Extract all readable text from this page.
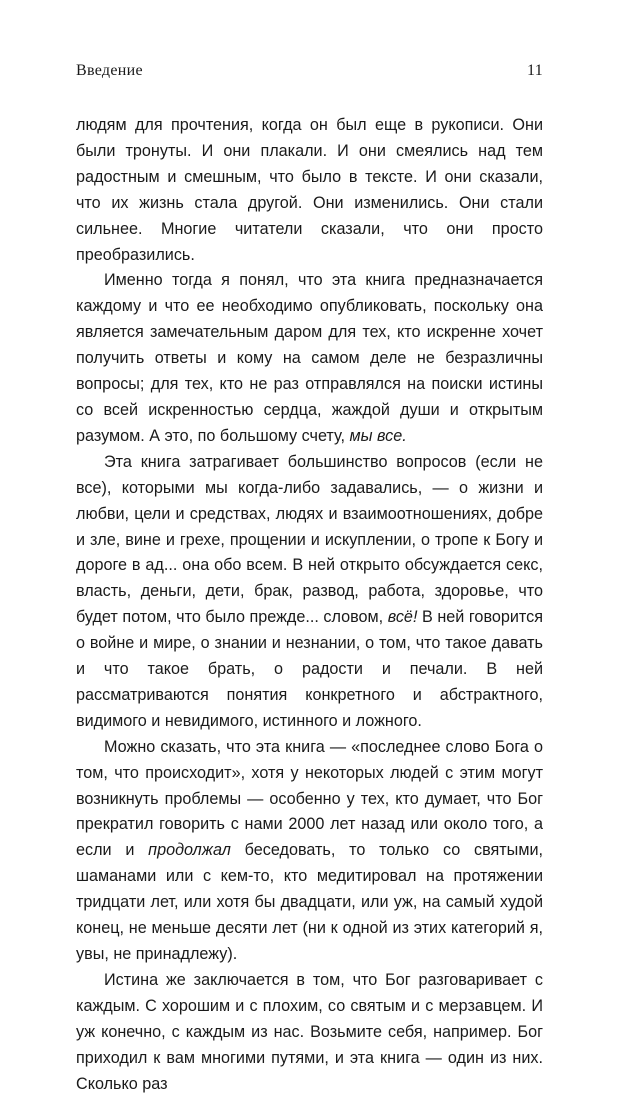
Введение	11

людям для прочтения, когда он был еще в рукописи. Они были тронуты. И они плакали. И они смеялись над тем радостным и смешным, что было в тексте. И они сказали, что их жизнь стала другой. Они изменились. Они стали сильнее. Многие читатели сказали, что они просто преобразились.

Именно тогда я понял, что эта книга предназначается каждому и что ее необходимо опубликовать, поскольку она является замечательным даром для тех, кто искренне хочет получить ответы и кому на самом деле не безразличны вопросы; для тех, кто не раз отправлялся на поиски истины со всей искренностью сердца, жаждой души и открытым разумом. А это, по большому счету, мы все.

Эта книга затрагивает большинство вопросов (если не все), которыми мы когда-либо задавались, — о жизни и любви, цели и средствах, людях и взаимоотношениях, добре и зле, вине и грехе, прощении и искуплении, о тропе к Богу и дороге в ад... она обо всем. В ней открыто обсуждается секс, власть, деньги, дети, брак, развод, работа, здоровье, что будет потом, что было прежде... словом, всё! В ней говорится о войне и мире, о знании и незнании, о том, что такое давать и что такое брать, о радости и печали. В ней рассматриваются понятия конкретного и абстрактного, видимого и невидимого, истинного и ложного.

Можно сказать, что эта книга — «последнее слово Бога о том, что происходит», хотя у некоторых людей с этим могут возникнуть проблемы — особенно у тех, кто думает, что Бог прекратил говорить с нами 2000 лет назад или около того, а если и продолжал беседовать, то только со святыми, шаманами или с кем-то, кто медитировал на протяжении тридцати лет, или хотя бы двадцати, или уж, на самый худой конец, не меньше десяти лет (ни к одной из этих категорий я, увы, не принадлежу).

Истина же заключается в том, что Бог разговаривает с каждым. С хорошим и с плохим, со святым и с мерзавцем. И уж конечно, с каждым из нас. Возьмите себя, например. Бог приходил к вам многими путями, и эта книга — один из них. Сколько раз
